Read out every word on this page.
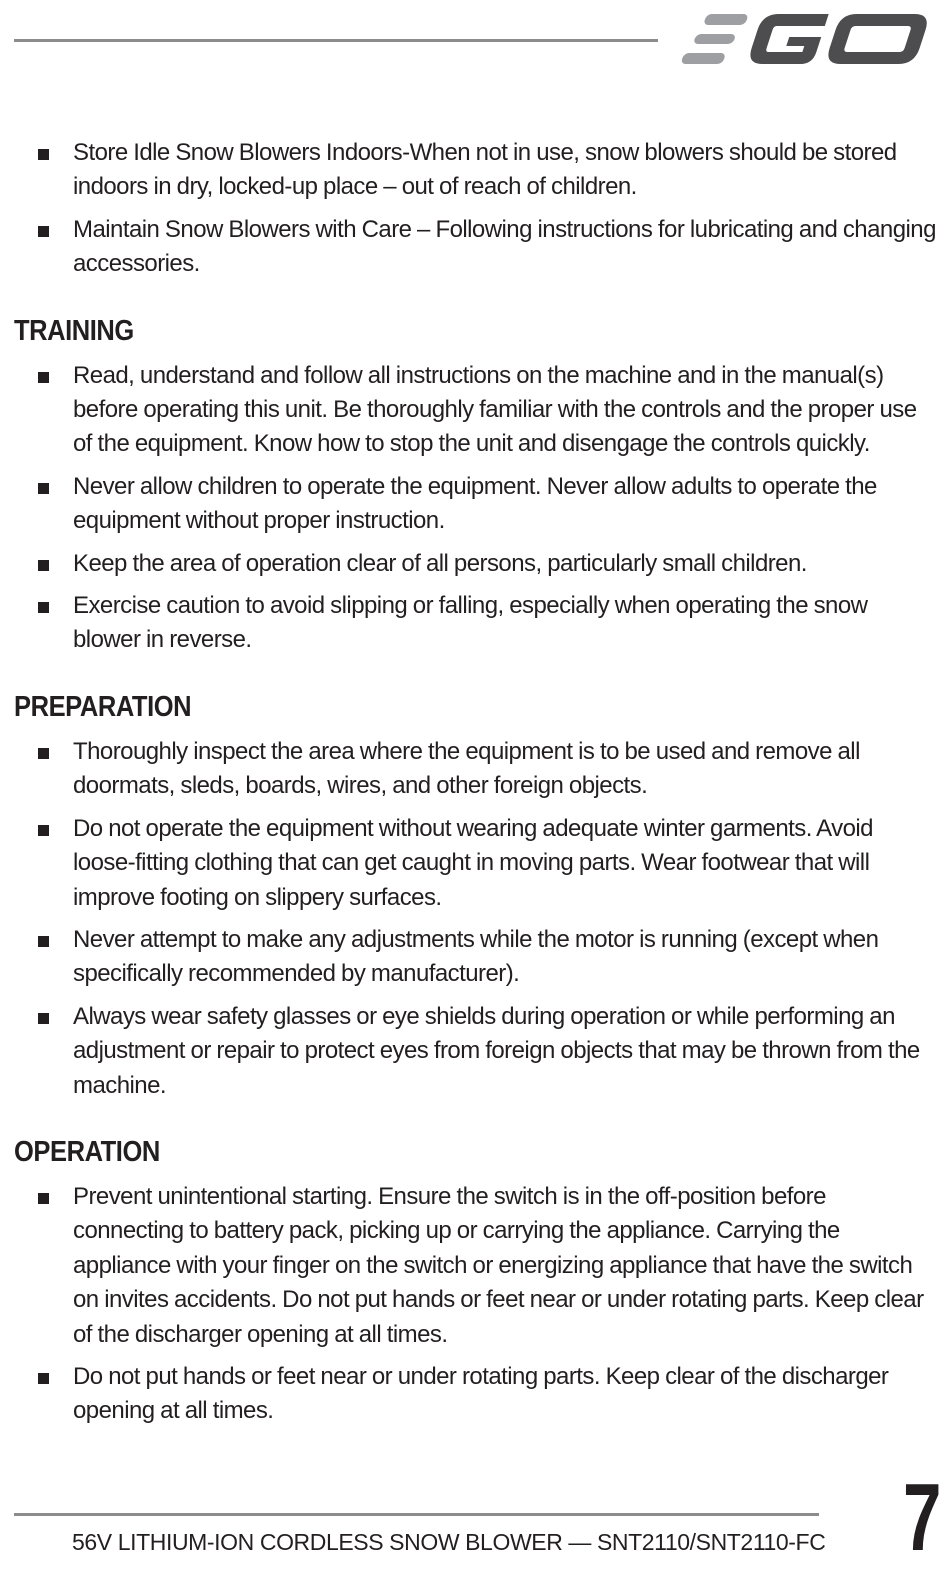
Store Idle Snow Blowers Indoors-When not in use, snow blowers should be stored indoors in dry, locked-up place – out of reach of children.
Maintain Snow Blowers with Care – Following instructions for lubricating and changing accessories.
TRAINING
Read, understand and follow all instructions on the machine and in the manual(s) before operating this unit. Be thoroughly familiar with the controls and the proper use of the equipment. Know how to stop the unit and disengage the controls quickly.
Never allow children to operate the equipment. Never allow adults to operate the equipment without proper instruction.
Keep the area of operation clear of all persons, particularly small children.
Exercise caution to avoid slipping or falling, especially when operating the snow blower in reverse.
PREPARATION
Thoroughly inspect the area where the equipment is to be used and remove all doormats, sleds, boards, wires, and other foreign objects.
Do not operate the equipment without wearing adequate winter garments. Avoid loose-fitting clothing that can get caught in moving parts. Wear footwear that will improve footing on slippery surfaces.
Never attempt to make any adjustments while the motor is running (except when specifically recommended by manufacturer).
Always wear safety glasses or eye shields during operation or while performing an adjustment or repair to protect eyes from foreign objects that may be thrown from the machine.
OPERATION
Prevent unintentional starting. Ensure the switch is in the off-position before connecting to battery pack, picking up or carrying the appliance. Carrying the appliance with your finger on the switch or energizing appliance that have the switch on invites accidents. Do not put hands or feet near or under rotating parts. Keep clear of the discharger opening at all times.
Do not put hands or feet near or under rotating parts. Keep clear of the discharger opening at all times.
56V LITHIUM-ION CORDLESS SNOW BLOWER — SNT2110/SNT2110-FC 7
